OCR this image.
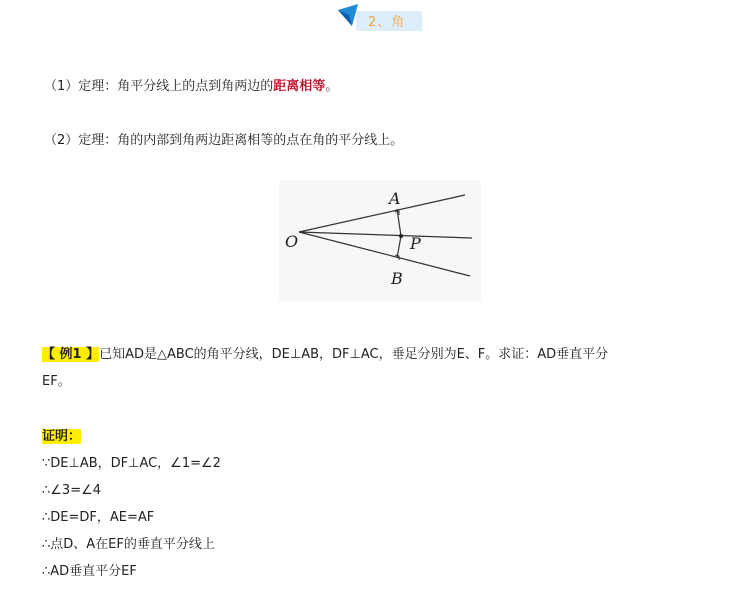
2、角
（1）定理：角平分线上的点到角两边的距离相等。
（2）定理：角的内部到角两边距离相等的点在角的平分线上。
O
A
P
B
【 例1 】已知AD是△ABC的角平分线，DE⊥AB，DF⊥AC，垂足分别为E、F。求证：AD垂直平分
EF。
证明：
∵DE⊥AB，DF⊥AC，∠1=∠2
∴∠3=∠4
∴DE=DF，AE=AF
∴点D、A在EF的垂直平分线上
∴AD垂直平分EF
